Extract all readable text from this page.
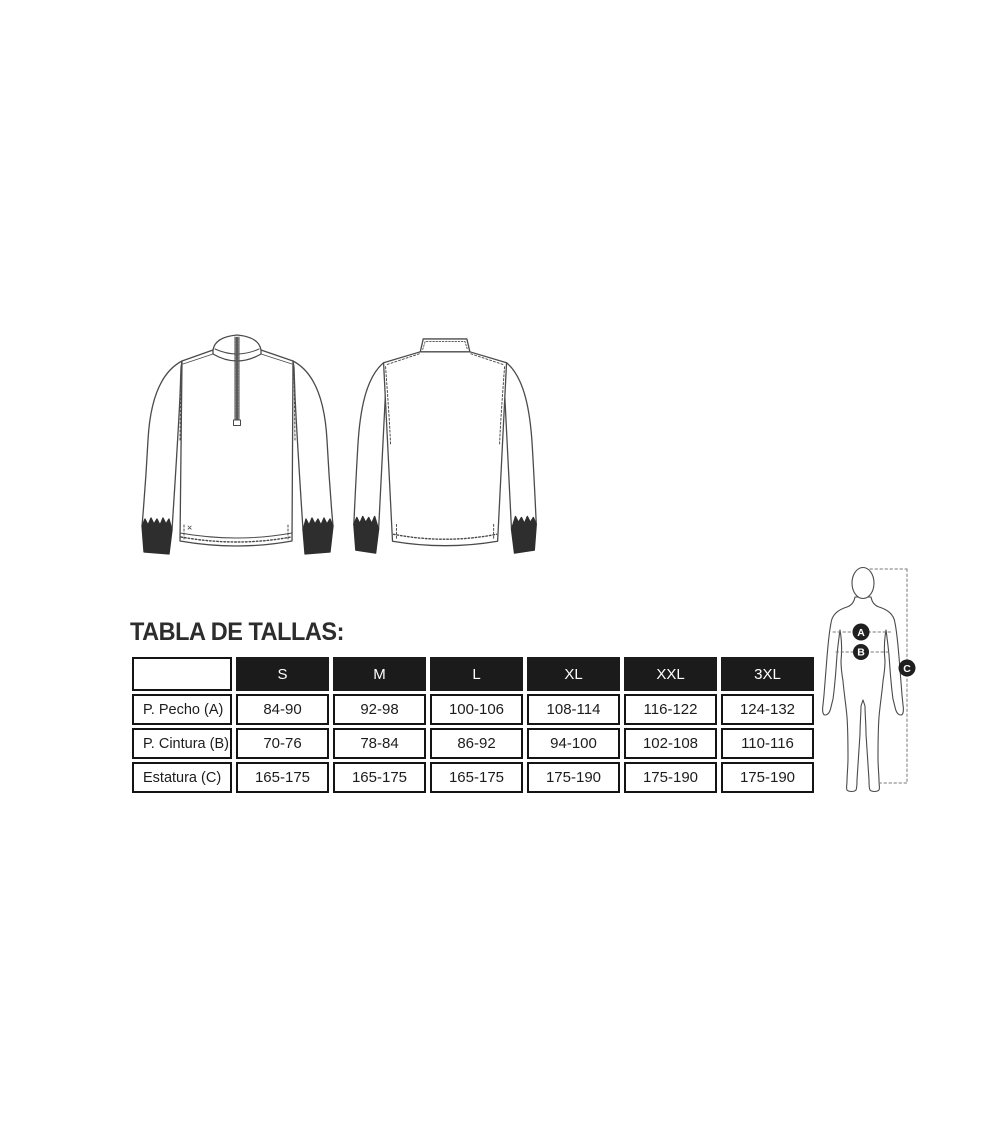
TABLA DE TALLAS:
	S	M	L	XL	XXL	3XL
P. Pecho (A)	84-90	92-98	100-106	108-114	116-122	124-132
P. Cintura (B)	70-76	78-84	86-92	94-100	102-108	110-116
Estatura (C)	165-175	165-175	165-175	175-190	175-190	175-190
A
B
C
